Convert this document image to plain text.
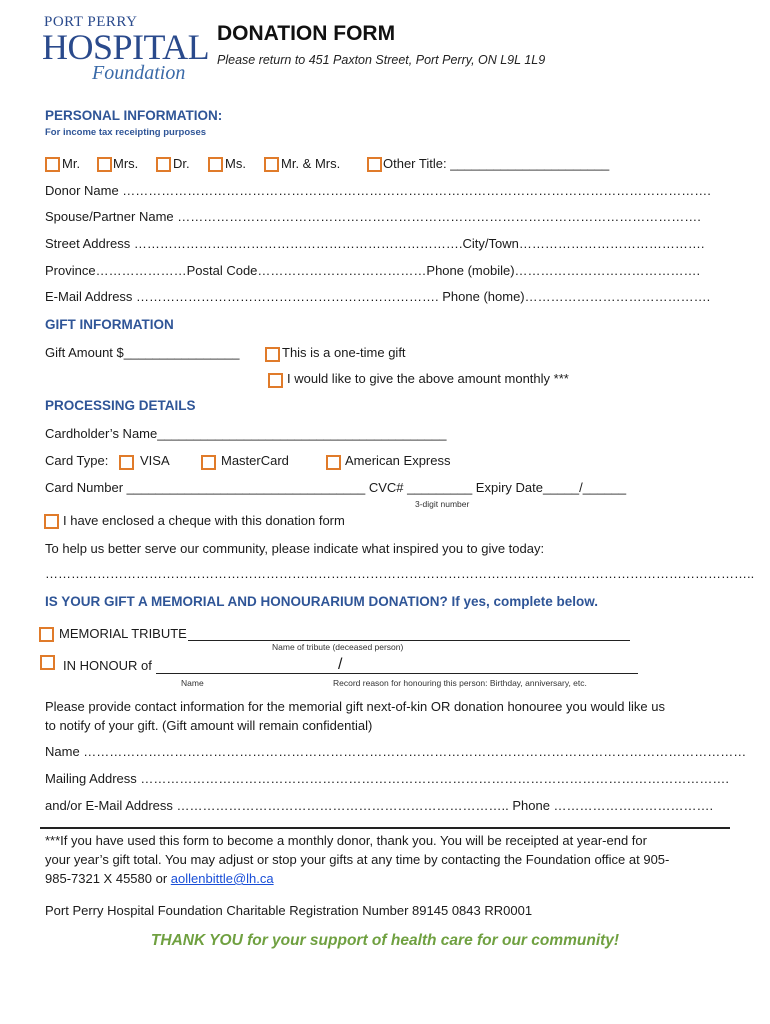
PORT PERRY
HOSPITAL
Foundation
DONATION FORM
Please return to 451 Paxton Street, Port Perry, ON L9L 1L9
PERSONAL INFORMATION:
For income tax receipting purposes
Mr.	Mrs.	Dr.	Ms.	Mr. & Mrs.	Other Title: ______________________
Donor Name ……………………………………………………………………………………………………………………….
Spouse/Partner Name ………………………………………………………………………………………………………….
Street Address ………………………………………………………………….City/Town…………………………………….
Province…………………Postal Code…………………………………Phone (mobile)…………………………………….
E-Mail Address ……………………………………………………………. Phone (home)…………………………………….
GIFT INFORMATION
Gift Amount $________________	This is a one-time gift
I would like to give the above amount monthly ***
PROCESSING DETAILS
Cardholder’s Name________________________________________
Card Type: VISA	MasterCard	American Express
Card Number _________________________________ CVC# _________ Expiry Date_____/______
3-digit number
I have enclosed a cheque with this donation form
To help us better serve our community, please indicate what inspired you to give today:
………………………………………………………………………………………………………………………………………………..
IS YOUR GIFT A MEMORIAL AND HONOURARIUM DONATION? If yes, complete below.
MEMORIAL TRIBUTE
Name of tribute (deceased person)
IN HONOUR of	/
Name	Record reason for honouring this person: Birthday, anniversary, etc.
Please provide contact information for the memorial gift next-of-kin OR donation honouree you would like us
to notify of your gift. (Gift amount will remain confidential)
Name ………………………………………………………………………………………………………………………………………
Mailing Address ……………………………………………………………………………………………………………………….
and/or E-Mail Address ………………………………………………………………….. Phone ……………………………….
***If you have used this form to become a monthly donor, thank you. You will be receipted at year-end for
your year’s gift total. You may adjust or stop your gifts at any time by contacting the Foundation office at 905-
985-7321 X 45580 or aollenbittle@lh.ca
Port Perry Hospital Foundation Charitable Registration Number 89145 0843 RR0001
THANK YOU for your support of health care for our community!
